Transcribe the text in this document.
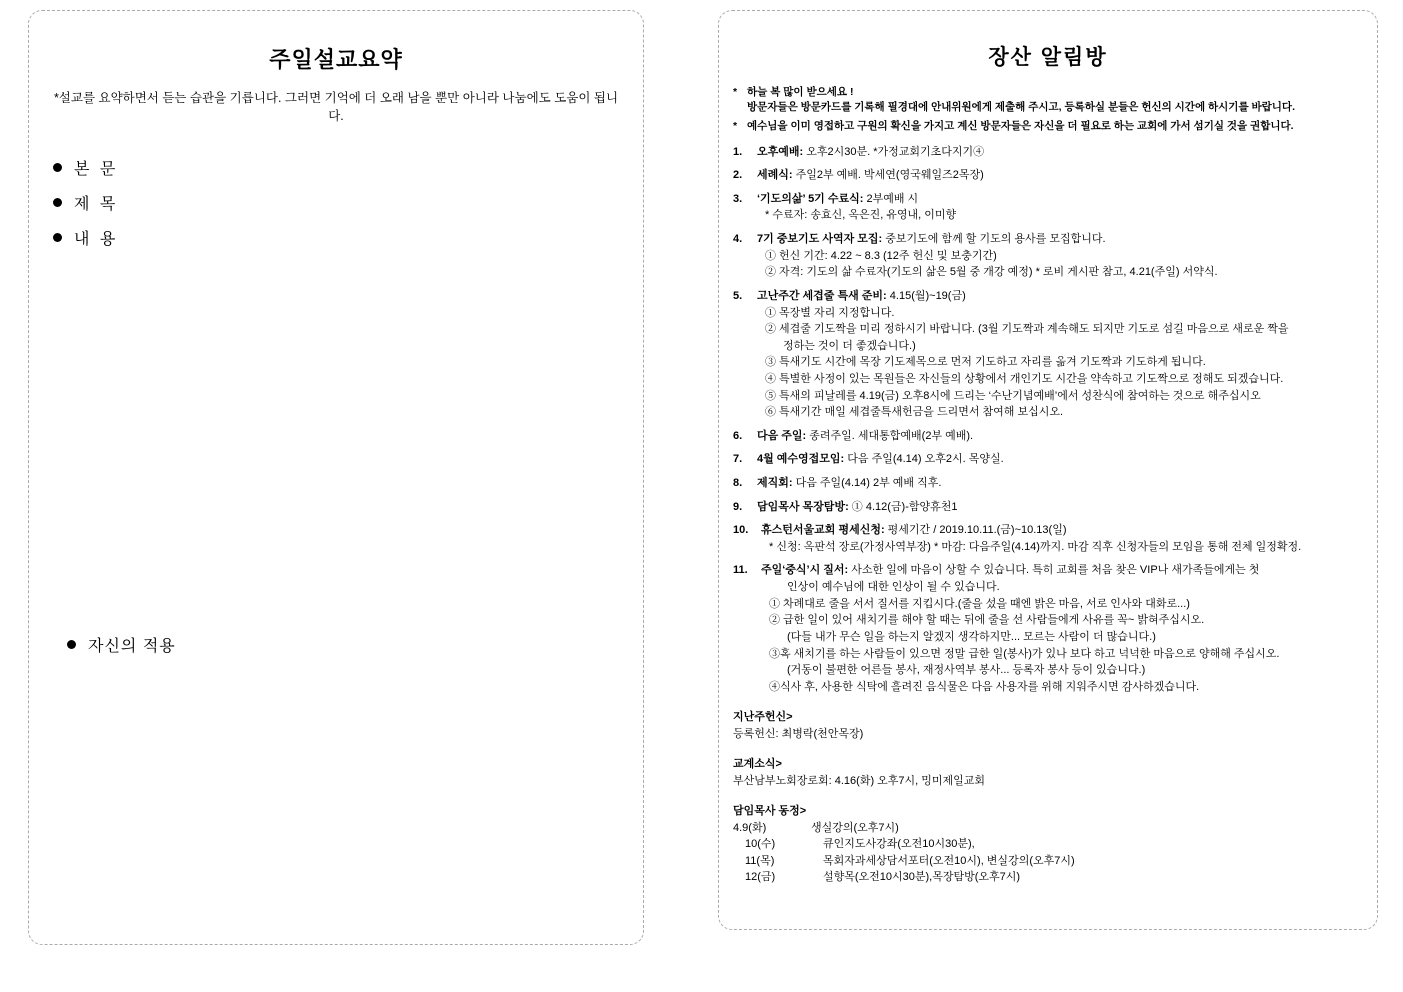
주일설교요약
*설교를 요약하면서 듣는 습관을 기릅니다. 그러면 기억에 더 오래 남을 뿐만 아니라 나눔에도 도움이 됩니다.
본 문
제 목
내 용
자신의 적용
장산 알림방
* 하늘 복 많이 받으세요 !
방문자들은 방문카드를 기록해 필경대에 안내위원에게 제출해 주시고, 등록하실 분들은 헌신의 시간에 하시기를 바랍니다.
* 예수님을 이미 영접하고 구원의 확신을 가지고 계신 방문자들은 자신을 더 필요로 하는 교회에 가서 섬기실 것을 권합니다.
1.	오후예배: 오후2시30분. *가정교회기초다지기④
2.	세례식: 주일2부 예배. 박세연(영국웨일즈2목장)
3.	‘기도의삶’ 5기 수료식: 2부예배 시
* 수료자: 송효신, 옥은진, 유영내, 이미향
4.	7기 중보기도 사역자 모집: 중보기도에 함께 할 기도의 용사를 모집합니다.
① 헌신 기간: 4.22 ~ 8.3 (12주 헌신 및 보충기간)
② 자격: 기도의 삶 수료자(기도의 삶은 5월 중 개강 예정) * 로비 게시판 참고, 4.21(주일) 서약식.
5.	고난주간 세겹줄 특새 준비: 4.15(월)~19(금)
① 목장별 자리 지정합니다.
② 세겹줄 기도짝을 미리 정하시기 바랍니다. (3월 기도짝과 계속해도 되지만 기도로 섬길 마음으로 새로운 짝을
정하는 것이 더 좋겠습니다.)
③ 특새기도 시간에 목장 기도제목으로 먼저 기도하고 자리를 옮겨 기도짝과 기도하게 됩니다.
④ 특별한 사정이 있는 목원들은 자신들의 상황에서 개인기도 시간을 약속하고 기도짝으로 정해도 되겠습니다.
⑤ 특새의 피날레를 4.19(금) 오후8시에 드리는 ‘수난기념예배’에서 성찬식에 참여하는 것으로 해주십시오
⑥ 특새기간 매일 세겹줄특새헌금을 드리면서 참여해 보십시오.
6.	다음 주일: 종려주일. 세대통합예배(2부 예배).
7.	4월 예수영접모임: 다음 주일(4.14) 오후2시. 목양실.
8.	제직회: 다음 주일(4.14) 2부 예배 직후.
9.	담임목사 목장탐방: ① 4.12(금)-함양휴천1
10.	휴스턴서울교회 평세신청: 평세기간 / 2019.10.11.(금)~10.13(일)
* 신청: 옥판석 장로(가정사역부장) * 마감: 다음주일(4.14)까지. 마감 직후 신청자들의 모임을 통해 전체 일정확정.
11.	주일‘중식’시 질서: 사소한 일에 마음이 상할 수 있습니다. 특히 교회를 처음 찾은 VIP나 새가족들에게는 첫
인상이 예수님에 대한 인상이 될 수 있습니다.
① 차례대로 줄을 서서 질서를 지킵시다.(줄을 섰을 때엔 밝은 마음, 서로 인사와 대화로...)
② 급한 일이 있어 새치기를 해야 할 때는 뒤에 줄을 선 사람들에게 사유를 꼭~ 밝혀주십시오.
(다들 내가 무슨 일을 하는지 알겠지 생각하지만... 모르는 사람이 더 많습니다.)
③혹 새치기를 하는 사람들이 있으면 정말 급한 일(봉사)가 있나 보다 하고 넉넉한 마음으로 양해해 주십시오.
(거동이 불편한 어른들 봉사, 재정사역부 봉사... 등록자 봉사 등이 있습니다.)
④식사 후, 사용한 식탁에 흘려진 음식물은 다음 사용자를 위해 지워주시면 감사하겠습니다.
지난주헌신>
등록헌신: 최병락(천안목장)
교계소식>
부산남부노회장로회: 4.16(화) 오후7시, 밍미제일교회
담임목사 동정>
4.9(화)	생실강의(오후7시)
10(수)	큐인지도사강좌(오전10시30분),
11(목)	목회자과세상담서포터(오전10시), 변실강의(오후7시)
12(금)	설향목(오전10시30분),목장탐방(오후7시)
